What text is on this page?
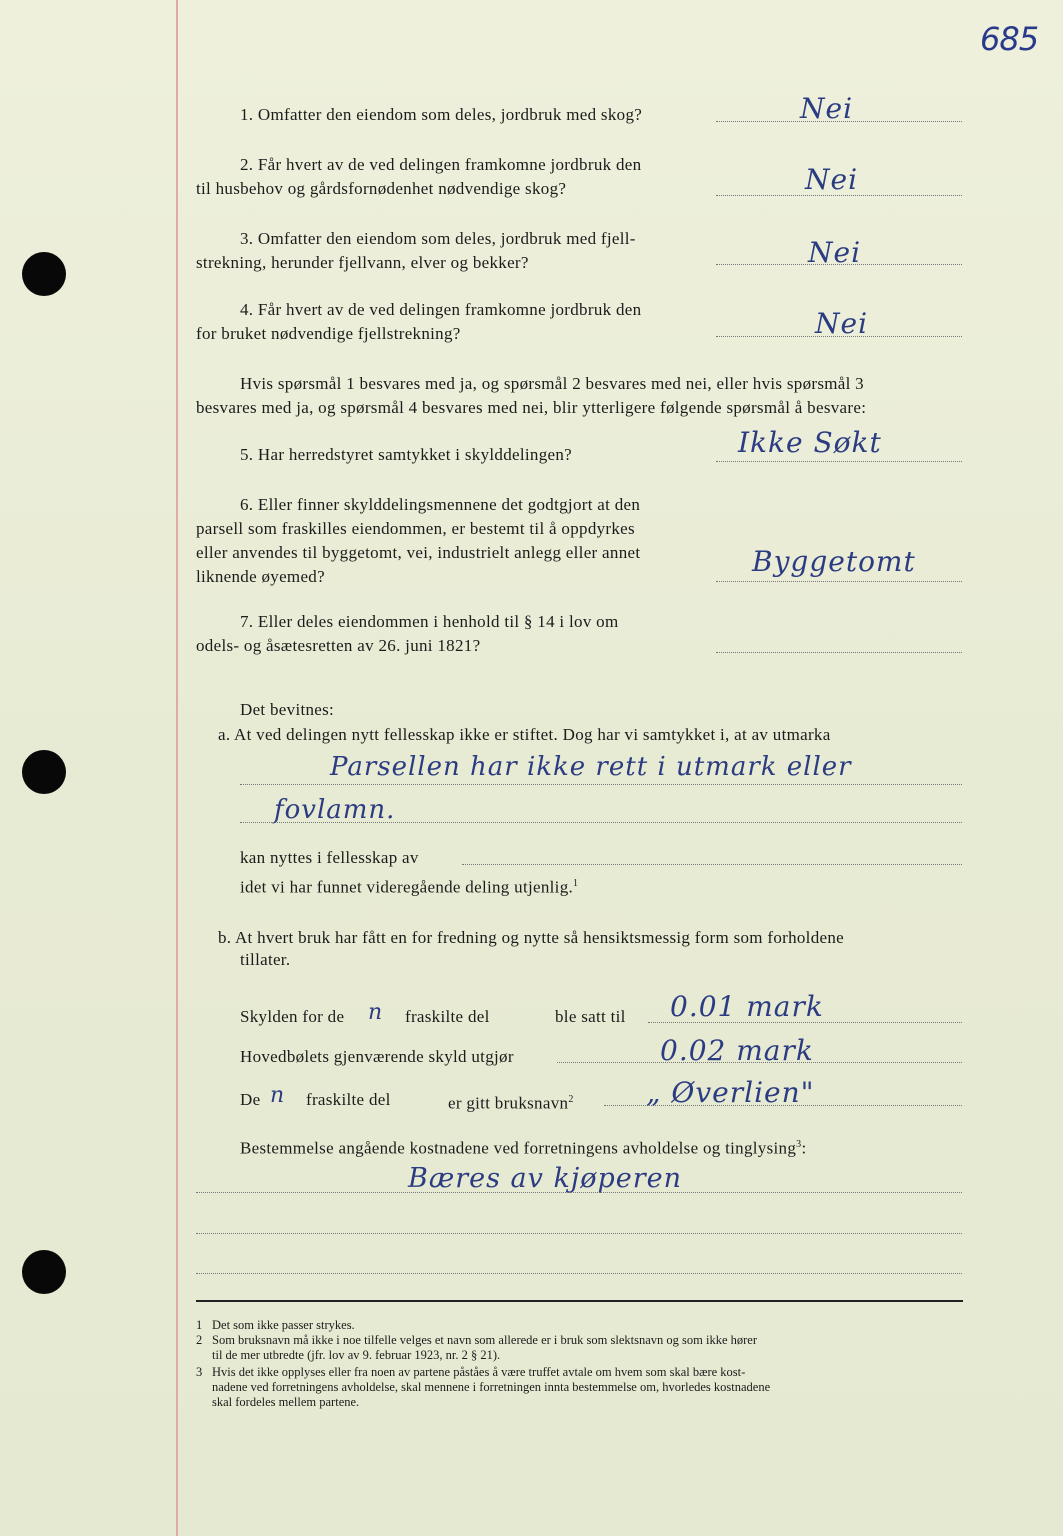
685
1. Omfatter den eiendom som deles, jordbruk med skog?	Nei
2. Får hvert av de ved delingen framkomne jordbruk den
til husbehov og gårdsfornødenhet nødvendige skog?	Nei
3. Omfatter den eiendom som deles, jordbruk med fjell-
strekning, herunder fjellvann, elver og bekker?	Nei
4. Får hvert av de ved delingen framkomne jordbruk den
for bruket nødvendige fjellstrekning?	Nei
Hvis spørsmål 1 besvares med ja, og spørsmål 2 besvares med nei, eller hvis spørsmål 3
besvares med ja, og spørsmål 4 besvares med nei, blir ytterligere følgende spørsmål å besvare:
5. Har herredstyret samtykket i skylddelingen?	Ikke Søkt
6. Eller finner skylddelingsmennene det godtgjort at den
parsell som fraskilles eiendommen, er bestemt til å oppdyrkes
eller anvendes til byggetomt, vei, industrielt anlegg eller annet
liknende øyemed?	Byggetomt
7. Eller deles eiendommen i henhold til § 14 i lov om
odels- og åsætesretten av 26. juni 1821?
Det bevitnes:
a. At ved delingen nytt fellesskap ikke er stiftet. Dog har vi samtykket i, at av utmarka
Parsellen har ikke rett i utmark eller
fovlamn.
kan nyttes i fellesskap av
idet vi har funnet videregående deling utjenlig.$^1$
b. At hvert bruk har fått en for fredning og nytte så hensiktsmessig form som forholdene
tillater.
Skylden for de n fraskilte del	ble satt til 0.01 mark
Hovedbølets gjenværende skyld utgjør	0.02 mark
De n fraskilte del	er gitt bruksnavn$^2$	„ Øverlien"
Bestemmelse angående kostnadene ved forretningens avholdelse og tinglysing$^3$:
Bæres av kjøperen
1 Det som ikke passer strykes.
2 Som bruksnavn må ikke i noe tilfelle velges et navn som allerede er i bruk som slektsnavn og som ikke hører
til de mer utbredte (jfr. lov av 9. februar 1923, nr. 2 § 21).
3 Hvis det ikke opplyses eller fra noen av partene påståes å være truffet avtale om hvem som skal bære kost-
nadene ved forretningens avholdelse, skal mennene i forretningen innta bestemmelse om, hvorledes kostnadene
skal fordeles mellem partene.
